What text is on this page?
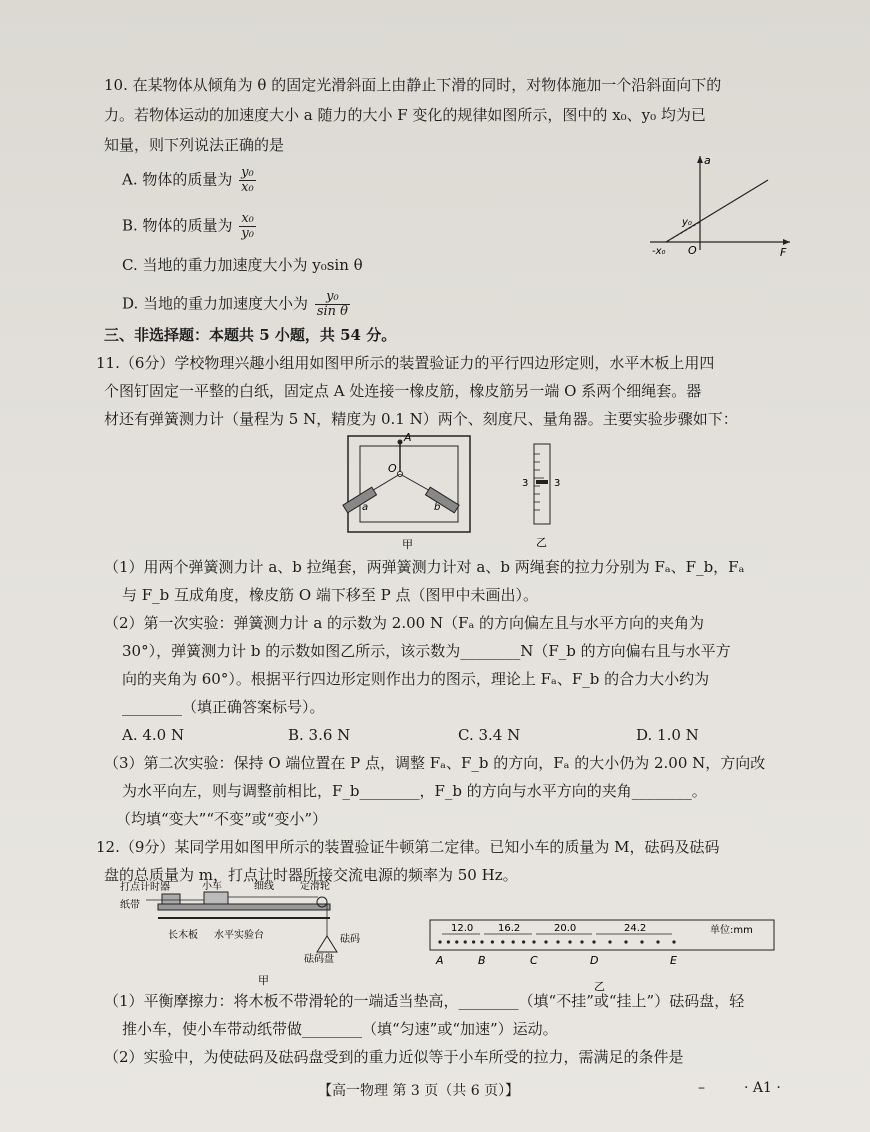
10. 在某物体从倾角为 θ 的固定光滑斜面上由静止下滑的同时，对物体施加一个沿斜面向下的
力。若物体运动的加速度大小 a 随力的大小 F 变化的规律如图所示，图中的 x₀、y₀ 均为已
知量，则下列说法正确的是
A. 物体的质量为 $\frac{\text{y₀}}{\text{x₀}}$
B. 物体的质量为 $\frac{\text{x₀}}{\text{y₀}}$
C. 当地的重力加速度大小为 y₀sin θ
D. 当地的重力加速度大小为 $\frac{\text{y₀}}{\text{sin θ}}$
a
F
O
y₀
-x₀
三、非选择题：本题共 5 小题，共 54 分。
11.（6分）学校物理兴趣小组用如图甲所示的装置验证力的平行四边形定则，水平木板上用四
个图钉固定一平整的白纸，固定点 A 处连接一橡皮筋，橡皮筋另一端 O 系两个细绳套。器
材还有弹簧测力计（量程为 5 N，精度为 0.1 N）两个、刻度尺、量角器。主要实验步骤如下：
A
O
a	b
甲
3	3
乙
（1）用两个弹簧测力计 a、b 拉绳套，两弹簧测力计对 a、b 两绳套的拉力分别为 Fₐ、F_b，Fₐ
与 F_b 互成角度，橡皮筋 O 端下移至 P 点（图甲中未画出）。
（2）第一次实验：弹簧测力计 a 的示数为 2.00 N（Fₐ 的方向偏左且与水平方向的夹角为
30°），弹簧测力计 b 的示数如图乙所示，该示数为________N（F_b 的方向偏右且与水平方
向的夹角为 60°）。根据平行四边形定则作出力的图示，理论上 Fₐ、F_b 的合力大小约为
________（填正确答案标号）。
A. 4.0 N	B. 3.6 N	C. 3.4 N	D. 1.0 N
（3）第二次实验：保持 O 端位置在 P 点，调整 Fₐ、F_b 的方向，Fₐ 的大小仍为 2.00 N，方向改
为水平向左，则与调整前相比，F_b________，F_b 的方向与水平方向的夹角________。
（均填“变大”“不变”或“变小”）
12.（9分）某同学用如图甲所示的装置验证牛顿第二定律。已知小车的质量为 M，砝码及砝码
盘的总质量为 m，打点计时器所接交流电源的频率为 50 Hz。
打点计时器	小车	细线	定滑轮
纸带
长木板 水平实验台	砝码
砝码盘
甲
12.0 16.2	20.0	24.2
A	B	C	D	E
单位:mm
乙
（1）平衡摩擦力：将木板不带滑轮的一端适当垫高，________（填“不挂”或“挂上”）砝码盘，轻
推小车，使小车带动纸带做________（填“匀速”或“加速”）运动。
（2）实验中，为使砝码及砝码盘受到的重力近似等于小车所受的拉力，需满足的条件是
【高一物理 第 3 页（共 6 页）】	–	· A1 ·
